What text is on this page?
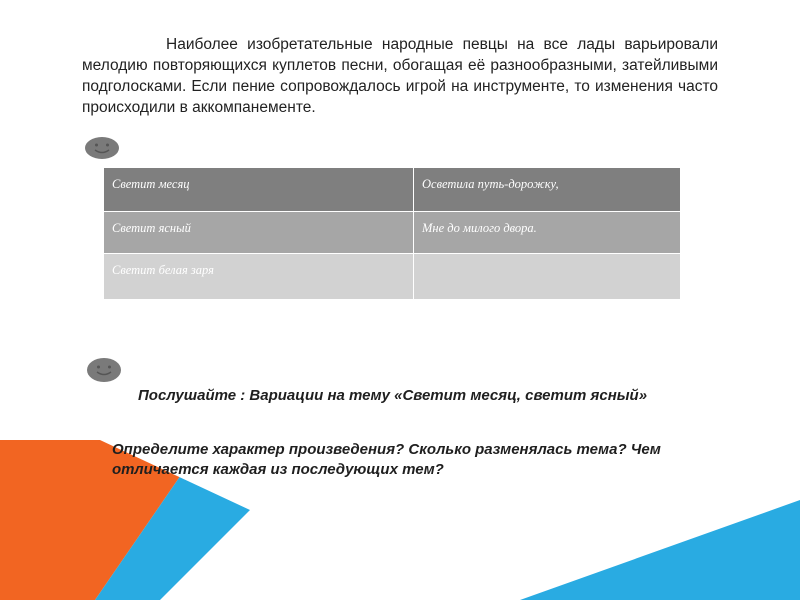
Наиболее изобретательные народные певцы на все лады варьировали мелодию повторяющихся куплетов песни, обогащая её разнообразными, затейливыми подголосками. Если пение сопровождалось игрой на инструменте, то изменения часто происходили в аккомпанементе.
Светит месяц	Осветила путь-дорожку,
Светит ясный	Мне до милого двора.
Светит белая заря	
Послушайте : Вариации на тему «Светит месяц, светит ясный»
Определите характер произведения? Сколько разменялась тема? Чем отличается каждая из последующих тем?
